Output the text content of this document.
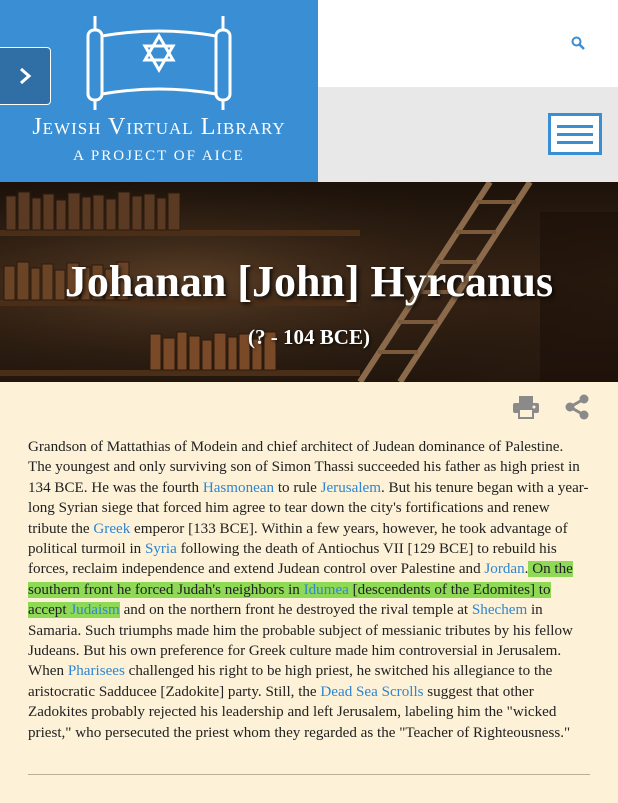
Jewish Virtual Library
A PROJECT OF AICE
Johanan [John] Hyrcanus
(? - 104 BCE)
Grandson of Mattathias of Modein and chief architect of Judean dominance of Palestine. The youngest and only surviving son of Simon Thassi succeeded his father as high priest in 134 BCE. He was the fourth Hasmonean to rule Jerusalem. But his tenure began with a year-long Syrian siege that forced him agree to tear down the city's fortifications and renew tribute the Greek emperor [133 BCE]. Within a few years, however, he took advantage of political turmoil in Syria following the death of Antiochus VII [129 BCE] to rebuild his forces, reclaim independence and extend Judean control over Palestine and Jordan. On the southern front he forced Judah's neighbors in Idumea [descendents of the Edomites] to accept Judaism and on the northern front he destroyed the rival temple at Shechem in Samaria. Such triumphs made him the probable subject of messianic tributes by his fellow Judeans. But his own preference for Greek culture made him controversial in Jerusalem. When Pharisees challenged his right to be high priest, he switched his allegiance to the aristocratic Sadducee [Zadokite] party. Still, the Dead Sea Scrolls suggest that other Zadokites probably rejected his leadership and left Jerusalem, labeling him the "wicked priest," who persecuted the priest whom they regarded as the "Teacher of Righteousness."
